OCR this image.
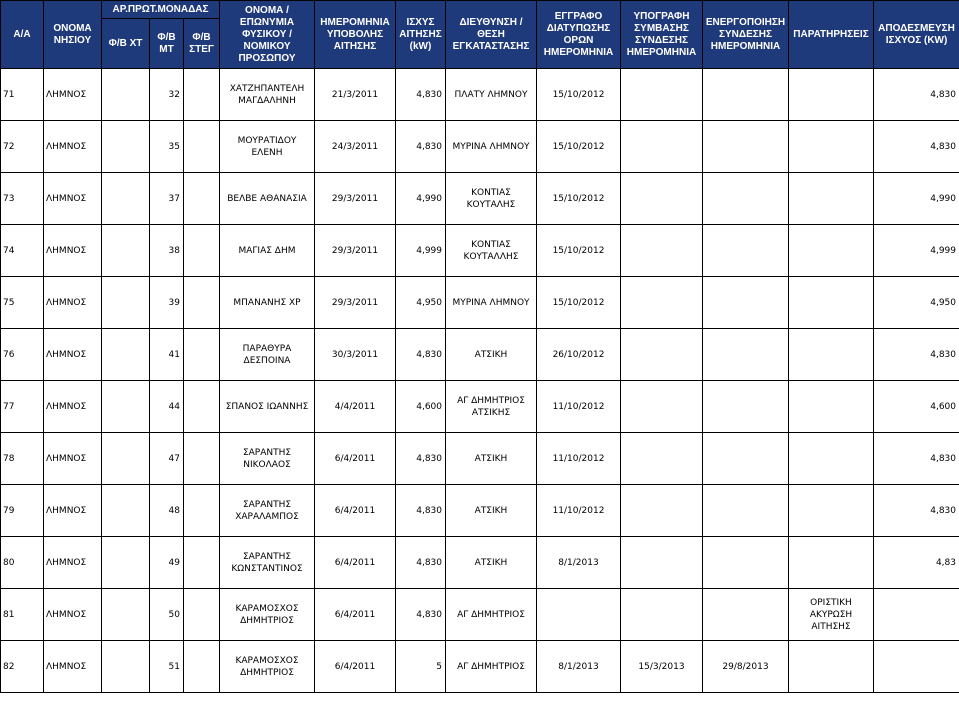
Α/Α	ΟΝΟΜΑ ΝΗΣΙΟΥ	ΑΡ.ΠΡΩΤ.ΜΟΝΑΔΑΣ			ΟΝΟΜΑ / ΕΠΩΝΥΜΙΑ ΦΥΣΙΚΟΥ / ΝΟΜΙΚΟΥ ΠΡΟΣΩΠΟΥ	ΗΜΕΡΟΜΗΝΙΑ ΥΠΟΒΟΛΗΣ ΑΙΤΗΣΗΣ	ΙΣΧΥΣ ΑΙΤΗΣΗΣ (kW)	ΔΙΕΥΘΥΝΣΗ / ΘΕΣΗ ΕΓΚΑΤΑΣΤΑΣΗΣ	ΕΓΓΡΑΦΟ ΔΙΑΤΥΠΩΣΗΣ ΟΡΩΝ ΗΜΕΡΟΜΗΝΙΑ	ΥΠΟΓΡΑΦΗ ΣΥΜΒΑΣΗΣ ΣΥΝΔΕΣΗΣ ΗΜΕΡΟΜΗΝΙΑ	ΕΝΕΡΓΟΠΟΙΗΣΗ ΣΥΝΔΕΣΗΣ ΗΜΕΡΟΜΗΝΙΑ	ΠΑΡΑΤΗΡΗΣΕΙΣ	ΑΠΟΔΕΣΜΕΥΣΗ ΙΣΧΥΟΣ (KW)
		Φ/Β ΧΤ	Φ/Β ΜΤ	Φ/Β ΣΤΕΓ									
71	ΛΗΜΝΟΣ		32		ΧΑΤΖΗΠΑΝΤΕΛΗ ΜΑΓΔΑΛΗΝΗ	21/3/2011	4,830	ΠΛΑΤΥ ΛΗΜΝΟΥ	15/10/2012				4,830
72	ΛΗΜΝΟΣ		35		ΜΟΥΡΑΤΙΔΟΥ ΕΛΕΝΗ	24/3/2011	4,830	ΜΥΡΙΝΑ ΛΗΜΝΟΥ	15/10/2012				4,830
73	ΛΗΜΝΟΣ		37		ΒΕΛΒΕ ΑΘΑΝΑΣΙΑ	29/3/2011	4,990	ΚΟΝΤΙΑΣ ΚΟΥΤΑΛΗΣ	15/10/2012				4,990
74	ΛΗΜΝΟΣ		38		ΜΑΓΙΑΣ ΔΗΜ	29/3/2011	4,999	ΚΟΝΤΙΑΣ ΚΟΥΤΑΛΛΗΣ	15/10/2012				4,999
75	ΛΗΜΝΟΣ		39		ΜΠΑΝΑΝΗΣ ΧΡ	29/3/2011	4,950	ΜΥΡΙΝΑ ΛΗΜΝΟΥ	15/10/2012				4,950
76	ΛΗΜΝΟΣ		41		ΠΑΡΑΘΥΡΑ ΔΕΣΠΟΙΝΑ	30/3/2011	4,830	ΑΤΣΙΚΗ	26/10/2012				4,830
77	ΛΗΜΝΟΣ		44		ΣΠΑΝΟΣ ΙΩΑΝΝΗΣ	4/4/2011	4,600	ΑΓ ΔΗΜΗΤΡΙΟΣ ΑΤΣΙΚΗΣ	11/10/2012				4,600
78	ΛΗΜΝΟΣ		47		ΣΑΡΑΝΤΗΣ ΝΙΚΟΛΑΟΣ	6/4/2011	4,830	ΑΤΣΙΚΗ	11/10/2012				4,830
79	ΛΗΜΝΟΣ		48		ΣΑΡΑΝΤΗΣ ΧΑΡΑΛΑΜΠΟΣ	6/4/2011	4,830	ΑΤΣΙΚΗ	11/10/2012				4,830
80	ΛΗΜΝΟΣ		49		ΣΑΡΑΝΤΗΣ ΚΩΝΣΤΑΝΤΙΝΟΣ	6/4/2011	4,830	ΑΤΣΙΚΗ	8/1/2013				4,83
81	ΛΗΜΝΟΣ		50		ΚΑΡΑΜΟΣΧΟΣ ΔΗΜΗΤΡΙΟΣ	6/4/2011	4,830	ΑΓ ΔΗΜΗΤΡΙΟΣ				ΟΡΙΣΤΙΚΗ ΑΚΥΡΩΣΗ ΑΙΤΗΣΗΣ	
82	ΛΗΜΝΟΣ		51		ΚΑΡΑΜΟΣΧΟΣ ΔΗΜΗΤΡΙΟΣ	6/4/2011	5	ΑΓ ΔΗΜΗΤΡΙΟΣ	8/1/2013	15/3/2013	29/8/2013		
